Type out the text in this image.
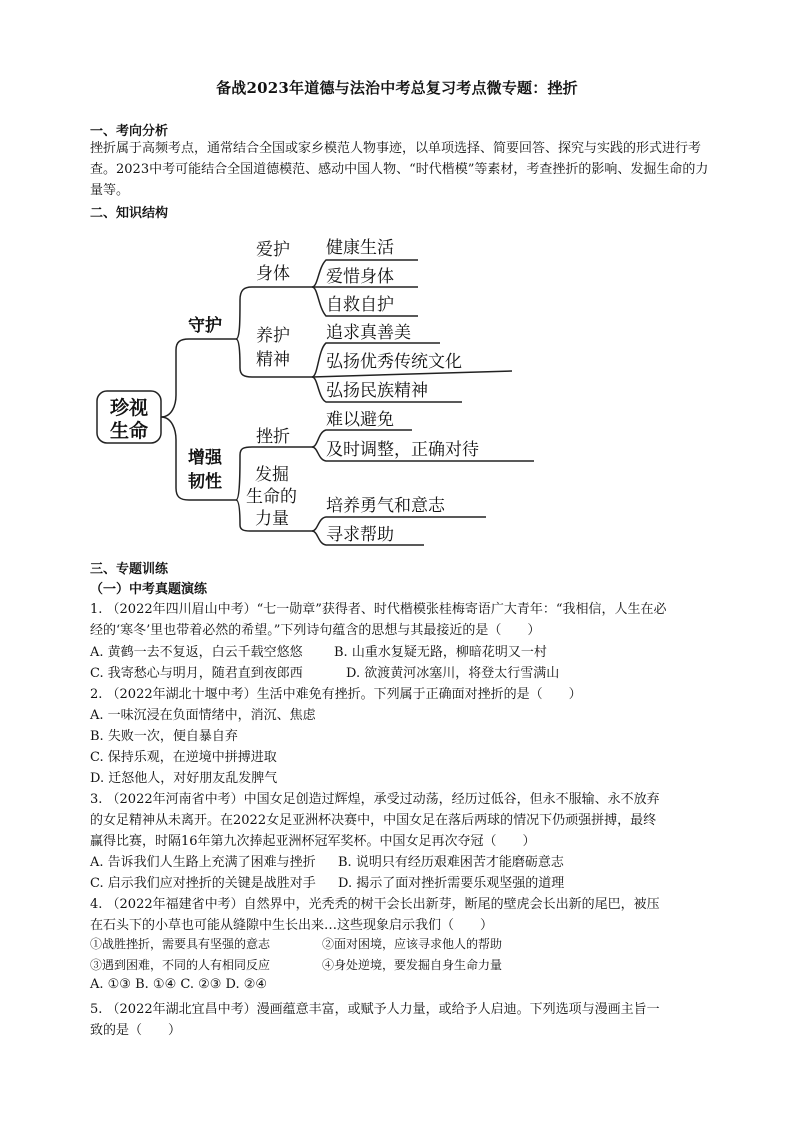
备战2023年道德与法治中考总复习考点微专题：挫折
一、考向分析
挫折属于高频考点，通常结合全国或家乡模范人物事迹，以单项选择、简要回答、探究与实践的形式进行考查。2023中考可能结合全国道德模范、感动中国人物、“时代楷模”等素材，考查挫折的影响、发掘生命的力量等。
二、知识结构
珍视
生命
守护
增强
韧性
爱护
身体
养护
精神
健康生活
爱惜身体
自救自护
追求真善美
弘扬优秀传统文化
弘扬民族精神
挫折
难以避免
及时调整，正确对待
发掘
生命的
力量
培养勇气和意志
寻求帮助
三、专题训练
（一）中考真题演练
1. （2022年四川眉山中考）“七一勋章”获得者、时代楷模张桂梅寄语广大青年：“我相信，人生在必
经的‘寒冬’里也带着必然的希望。”下列诗句蕴含的思想与其最接近的是（　　）
A. 黄鹤一去不复返，白云千载空悠悠 B. 山重水复疑无路，柳暗花明又一村
C. 我寄愁心与明月，随君直到夜郎西	D. 欲渡黄河冰塞川，将登太行雪满山
2. （2022年湖北十堰中考）生活中难免有挫折。下列属于正确面对挫折的是（　　）
A. 一味沉浸在负面情绪中，消沉、焦虑
B. 失败一次，便自暴自弃
C. 保持乐观，在逆境中拼搏进取
D. 迁怒他人，对好朋友乱发脾气
3. （2022年河南省中考）中国女足创造过辉煌，承受过动荡，经历过低谷，但永不服输、永不放弃
的女足精神从未离开。在2022女足亚洲杯决赛中，中国女足在落后两球的情况下仍顽强拼搏，最终
赢得比赛，时隔16年第九次捧起亚洲杯冠军奖杯。中国女足再次夺冠（　　）
A. 告诉我们人生路上充满了困难与挫折 B. 说明只有经历艰难困苦才能磨砺意志
C. 启示我们应对挫折的关键是战胜对手 D. 揭示了面对挫折需要乐观坚强的道理
4. （2022年福建省中考）自然界中，光秃秃的树干会长出新芽，断尾的壁虎会长出新的尾巴，被压
在石头下的小草也可能从缝隙中生长出来…这些现象启示我们（　　）
①战胜挫折，需要具有坚强的意志	②面对困境，应该寻求他人的帮助
③遇到困难，不同的人有相同反应	④身处逆境，要发掘自身生命力量
A. ①③ B. ①④ C. ②③ D. ②④
5. （2022年湖北宜昌中考）漫画蕴意丰富，或赋予人力量，或给予人启迪。下列选项与漫画主旨一
致的是（　　）
